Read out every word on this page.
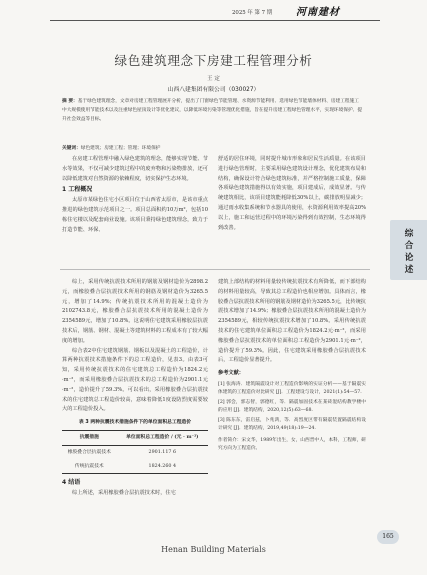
2025 年 第 7 期 河南建材
绿色建筑理念下房建工程管理分析
王 定
山西八建集团有限公司（030027）
摘 要：基于绿色建筑理念，文章对房建工程管理展开分析，提出了门窗绿色节能管理、水资源节能利用、选用绿色节能墙体材料、房建工程施工中大规模使用节能技术以及注重绿色屋顶设计等优化建议，以降低环境污染等管理优化措施，旨在提升房建工程绿色管理水平，实现环境保护、提升社会效益等目标。
关键词：绿色建筑；房建工程；管理；环境保护

在房建工程管理中融入绿色建筑的理念，能够实现节能、节水等效果，不仅可减少建筑过程中的废弃物和污染物排放，还可以降低建筑对自然资源的依赖程度，切实保护生态环境。

1 工程概况

太原市某绿色住宅小区项目位于山西省太原市，是该市重点推进的绿色建筑示范项目之一。项目总面积约10万m²，包括10栋住宅楼以及配套商业设施。该项目秉持绿色建筑理念，致力于打造节能、环保、

舒适的居住环境，同时提升城市形象和居民生活质量。在该项目进行绿色管理时，主要采用绿色建筑设计理念，优化建筑布局和结构，确保设计符合绿色建筑标准，并严格控制施工质量，保障各项绿色建筑措施得以有效实施，项目建成后，成效显著。与传统建筑相比，该项目建筑能耗降低30%以上，碳排放明显减少；通过雨水收集系统和节水器具的使用，水资源利用效率提高20%以上，施工和运营过程中的环境污染得到有效控制，生态环境得到改善。

综
合
论
述

综上，采用传统抗震技术所用的钢筋及钢材造价为2898.2元，而橡胶叠合层抗震技术所用的钢筋及钢材造价为3265.5元，增加了14.9%；传统抗震技术所用的混凝土造价为2102743.8元，橡胶叠合层抗震技术所用的混凝土造价为2354589元，增加了10.8%。这说明住宅建筑采用橡胶层抗震技术后，钢筋、钢材、混凝土等建筑材料的工程成本有了较大幅度的增加。

综合表2中住宅建筑钢筋、钢板以及混凝土的工程造价，计算两种抗震技术措施条件下的总工程造价，见表3。由表3可知，采用传统抗震技术的住宅建筑总工程造价为1824.2元·m⁻²，而采用橡胶叠合层抗震技术的总工程造价为2901.1元·m⁻²，造价提升了59.3%。可以看出，采用橡胶叠合层抗震技术的住宅建筑总工程造价较高，意味着降低1度设防烈度需要较大的工程造价投入。

表 3 两种抗震技术措施条件下的单位面积总工程造价
抗震措施	单位面积总工程造价 / (元 · m⁻²)
橡胶叠合层抗震技术	2901.117 6
传统抗震技术	1824.260 4
4 结语

综上所述，采用橡胶叠合层抗震技术时，住宅

建筑上部结构的材料用量较传统抗震技术有所降低，而下部结构的材料用量较高，导致其总工程造价也相应增加。具体而言，橡胶叠合层抗震技术所用的钢筋及钢材造价为3265.5元，比传统抗震技术增加了14.9%；橡胶叠合层抗震技术所用的混凝土造价为2354589元，相较传统抗震技术增加了10.8%。采用传统抗震技术的住宅建筑单位面积总工程造价为1824.2元·m⁻²，而采用橡胶叠合层抗震技术的单位面积总工程造价为2901.1元·m⁻²，造价提升了59.3%。因此，住宅建筑采用橡胶叠合层抗震技术后，工程造价显著提升。

参考文献：
[1] 张海涛．建筑隔震设计对工程造价影响的实证分析——基于隔震实体建筑的工程造价对比研究 [J]．工程建设与设计，2021(1):54—57.
[2] 郭会，郭志智，郭德红，等．隔震加固技术在某砖混结构教学楼中的应用 [J]．建筑结构，2020,12(5):63—68.
[3] 陈东东，雷启兹，卜兆鸿，等．高烈度区带有隔震装置隔震结构设计研究 [J]．建筑结构，2019,49(18):19—24.
作者简介：宋文华，1989年出生，女，山西晋中人，本科，工程师，研究方向为工程造价。
165
Henan Building Materials
